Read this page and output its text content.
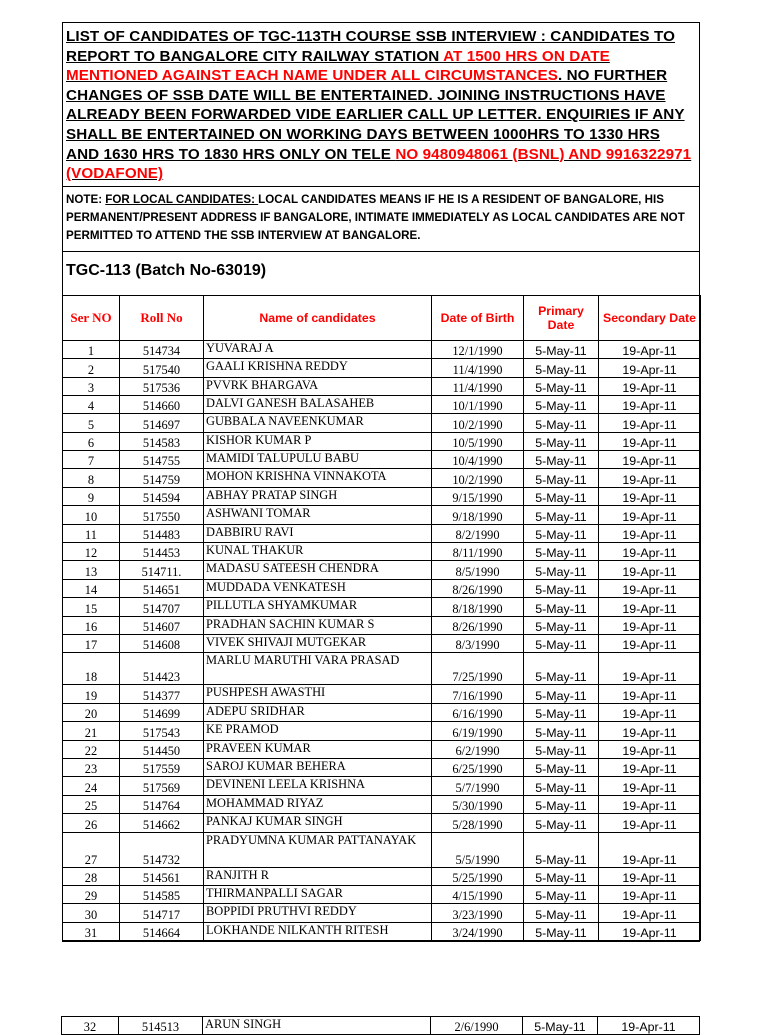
LIST OF CANDIDATES OF TGC-113TH COURSE SSB INTERVIEW : CANDIDATES TO REPORT TO BANGALORE CITY RAILWAY STATION AT 1500 HRS ON DATE MENTIONED AGAINST EACH NAME UNDER ALL CIRCUMSTANCES. NO FURTHER CHANGES OF SSB DATE WILL BE ENTERTAINED. JOINING INSTRUCTIONS HAVE ALREADY BEEN FORWARDED VIDE EARLIER CALL UP LETTER. ENQUIRIES IF ANY SHALL BE ENTERTAINED ON WORKING DAYS BETWEEN 1000HRS TO 1330 HRS AND 1630 HRS TO 1830 HRS ONLY ON TELE NO 9480948061 (BSNL) AND 9916322971 (VODAFONE)
NOTE: FOR LOCAL CANDIDATES: LOCAL CANDIDATES MEANS IF HE IS A RESIDENT OF BANGALORE, HIS PERMANENT/PRESENT ADDRESS IF BANGALORE, INTIMATE IMMEDIATELY AS LOCAL CANDIDATES ARE NOT PERMITTED TO ATTEND THE SSB INTERVIEW AT BANGALORE.
TGC-113 (Batch No-63019)
Ser NO	Roll No	Name of candidates	Date of Birth	Primary Date	Secondary Date
1	514734	YUVARAJ A	12/1/1990	5-May-11	19-Apr-11
2	517540	GAALI KRISHNA REDDY	11/4/1990	5-May-11	19-Apr-11
3	517536	PVVRK BHARGAVA	11/4/1990	5-May-11	19-Apr-11
4	514660	DALVI GANESH BALASAHEB	10/1/1990	5-May-11	19-Apr-11
5	514697	GUBBALA NAVEENKUMAR	10/2/1990	5-May-11	19-Apr-11
6	514583	KISHOR KUMAR P	10/5/1990	5-May-11	19-Apr-11
7	514755	MAMIDI TALUPULU BABU	10/4/1990	5-May-11	19-Apr-11
8	514759	MOHON KRISHNA VINNAKOTA	10/2/1990	5-May-11	19-Apr-11
9	514594	ABHAY PRATAP SINGH	9/15/1990	5-May-11	19-Apr-11
10	517550	ASHWANI TOMAR	9/18/1990	5-May-11	19-Apr-11
11	514483	DABBIRU RAVI	8/2/1990	5-May-11	19-Apr-11
12	514453	KUNAL THAKUR	8/11/1990	5-May-11	19-Apr-11
13	514711.	MADASU SATEESH CHENDRA	8/5/1990	5-May-11	19-Apr-11
14	514651	MUDDADA VENKATESH	8/26/1990	5-May-11	19-Apr-11
15	514707	PILLUTLA SHYAMKUMAR	8/18/1990	5-May-11	19-Apr-11
16	514607	PRADHAN SACHIN KUMAR S	8/26/1990	5-May-11	19-Apr-11
17	514608	VIVEK SHIVAJI MUTGEKAR	8/3/1990	5-May-11	19-Apr-11
18	514423	MARLU MARUTHI VARA PRASAD	7/25/1990	5-May-11	19-Apr-11
19	514377	PUSHPESH AWASTHI	7/16/1990	5-May-11	19-Apr-11
20	514699	ADEPU SRIDHAR	6/16/1990	5-May-11	19-Apr-11
21	517543	KE PRAMOD	6/19/1990	5-May-11	19-Apr-11
22	514450	PRAVEEN KUMAR	6/2/1990	5-May-11	19-Apr-11
23	517559	SAROJ KUMAR BEHERA	6/25/1990	5-May-11	19-Apr-11
24	517569	DEVINENI LEELA KRISHNA	5/7/1990	5-May-11	19-Apr-11
25	514764	MOHAMMAD RIYAZ	5/30/1990	5-May-11	19-Apr-11
26	514662	PANKAJ KUMAR SINGH	5/28/1990	5-May-11	19-Apr-11
27	514732	PRADYUMNA KUMAR PATTANAYAK	5/5/1990	5-May-11	19-Apr-11
28	514561	RANJITH R	5/25/1990	5-May-11	19-Apr-11
29	514585	THIRMANPALLI SAGAR	4/15/1990	5-May-11	19-Apr-11
30	514717	BOPPIDI PRUTHVI REDDY	3/23/1990	5-May-11	19-Apr-11
31	514664	LOKHANDE NILKANTH RITESH	3/24/1990	5-May-11	19-Apr-11
32	514513	ARUN SINGH	2/6/1990	5-May-11	19-Apr-11
